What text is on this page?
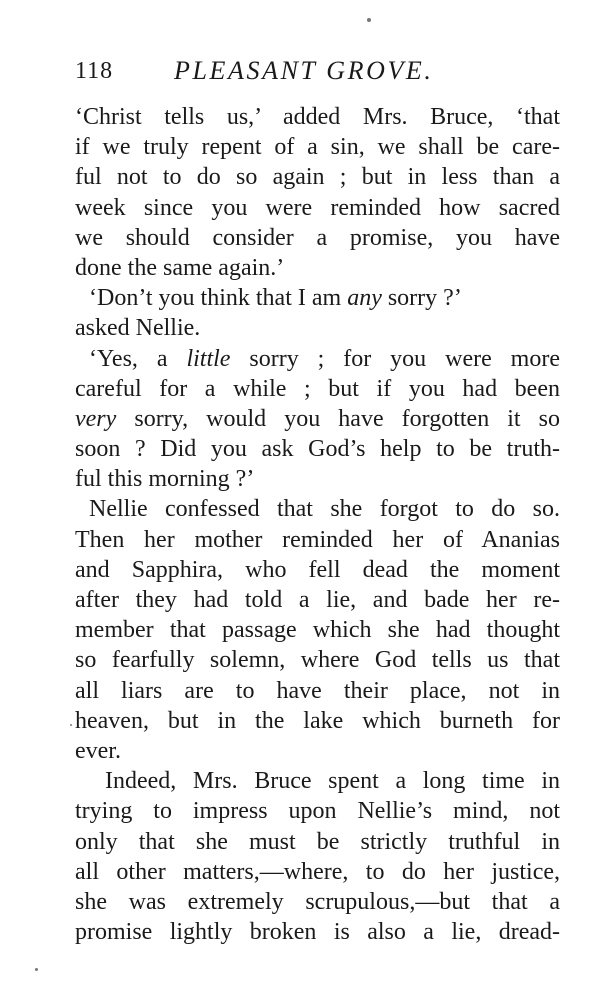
118 PLEASANT GROVE.
‘Christ tells us,’ added Mrs. Bruce, ‘that
if we truly repent of a sin, we shall be care-
ful not to do so again ; but in less than a
week since you were reminded how sacred
we should consider a promise, you have
done the same again.’
‘Don’t you think that I am any sorry ?’
asked Nellie.
‘Yes, a little sorry ; for you were more
careful for a while ; but if you had been
very sorry, would you have forgotten it so
soon ? Did you ask God’s help to be truth-
ful this morning ?’
Nellie confessed that she forgot to do so.
Then her mother reminded her of Ananias
and Sapphira, who fell dead the moment
after they had told a lie, and bade her re-
member that passage which she had thought
so fearfully solemn, where God tells us that
all liars are to have their place, not in
heaven, but in the lake which burneth for
ever.
Indeed, Mrs. Bruce spent a long time in
trying to impress upon Nellie’s mind, not
only that she must be strictly truthful in
all other matters,—where, to do her justice,
she was extremely scrupulous,—but that a
promise lightly broken is also a lie, dread-
